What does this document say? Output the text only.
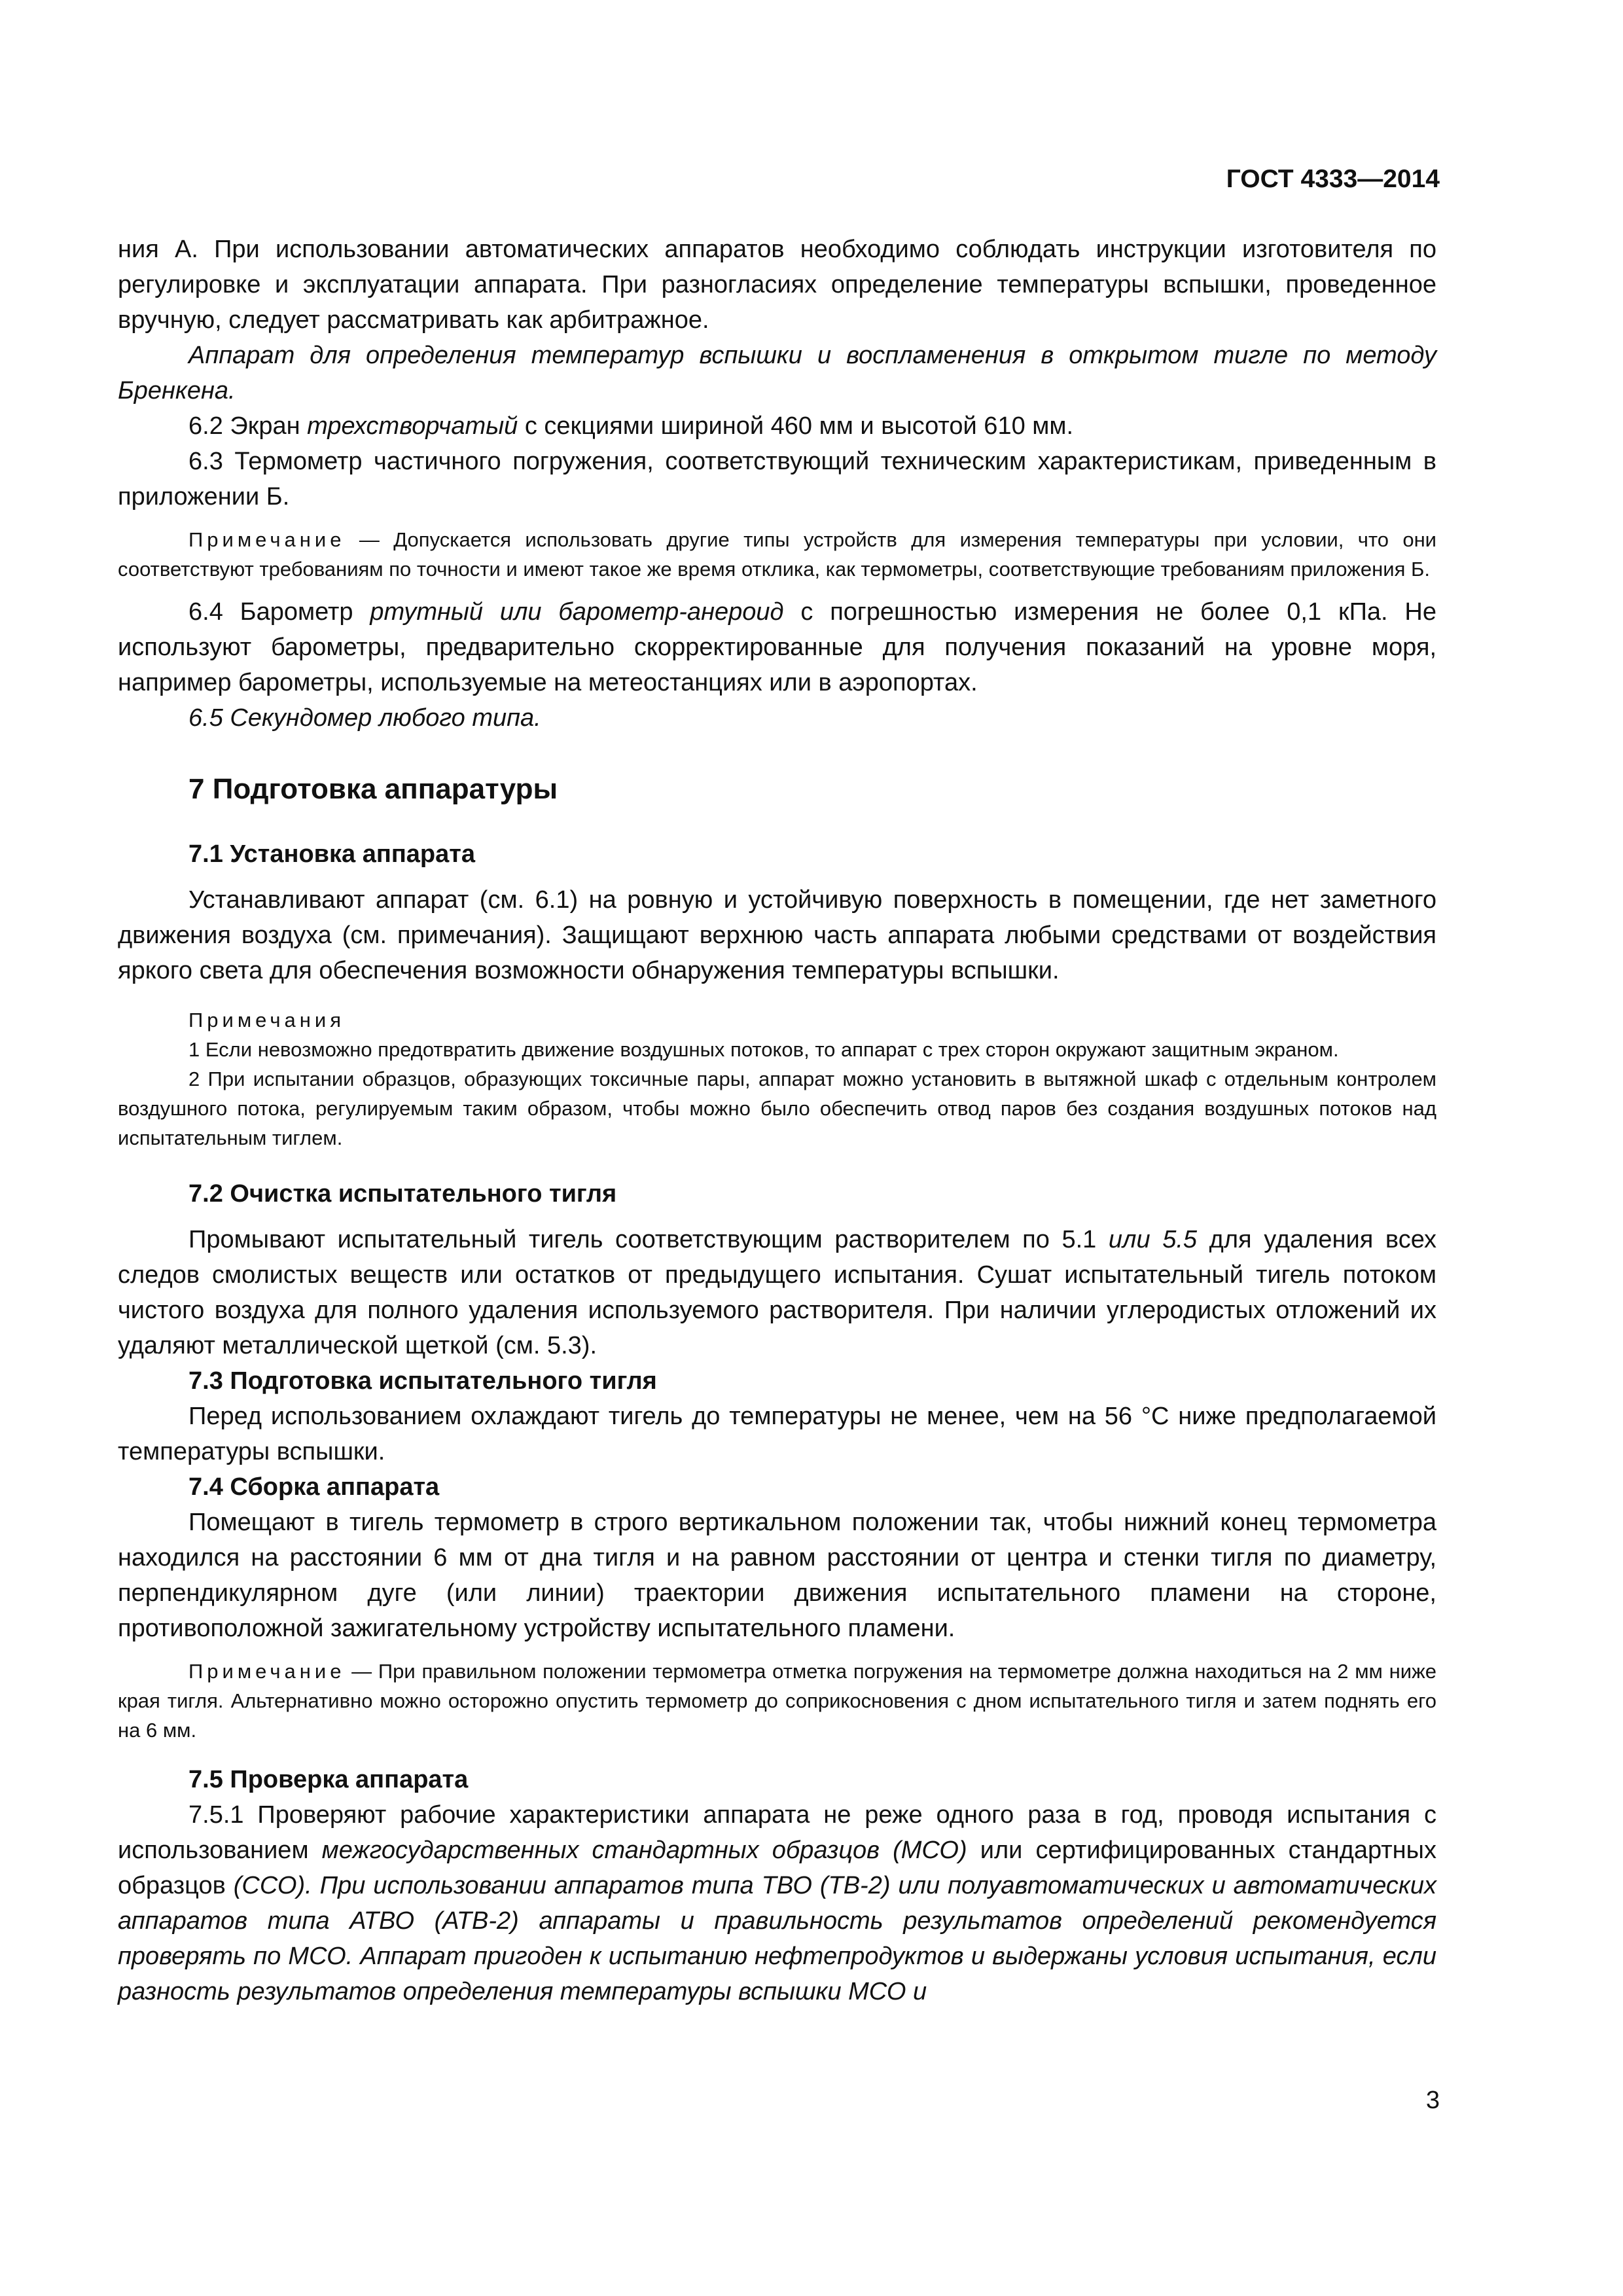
ГОСТ 4333—2014

ния А. При использовании автоматических аппаратов необходимо соблюдать инструкции изготовителя по регулировке и эксплуатации аппарата. При разногласиях определение температуры вспышки, проведенное вручную, следует рассматривать как арбитражное.

Аппарат для определения температур вспышки и воспламенения в открытом тигле по методу Бренкена.

6.2 Экран трехстворчатый с секциями шириной 460 мм и высотой 610 мм.

6.3 Термометр частичного погружения, соответствующий техническим характеристикам, приведенным в приложении Б.

Примечание — Допускается использовать другие типы устройств для измерения температуры при условии, что они соответствуют требованиям по точности и имеют такое же время отклика, как термометры, соответствующие требованиям приложения Б.

6.4 Барометр ртутный или барометр-анероид с погрешностью измерения не более 0,1 кПа. Не используют барометры, предварительно скорректированные для получения показаний на уровне моря, например барометры, используемые на метеостанциях или в аэропортах.

6.5 Секундомер любого типа.

7 Подготовка аппаратуры

7.1 Установка аппарата

Устанавливают аппарат (см. 6.1) на ровную и устойчивую поверхность в помещении, где нет заметного движения воздуха (см. примечания). Защищают верхнюю часть аппарата любыми средствами от воздействия яркого света для обеспечения возможности обнаружения температуры вспышки.

Примечания

1 Если невозможно предотвратить движение воздушных потоков, то аппарат с трех сторон окружают защитным экраном.

2 При испытании образцов, образующих токсичные пары, аппарат можно установить в вытяжной шкаф с отдельным контролем воздушного потока, регулируемым таким образом, чтобы можно было обеспечить отвод паров без создания воздушных потоков над испытательным тиглем.

7.2 Очистка испытательного тигля

Промывают испытательный тигель соответствующим растворителем по 5.1 или 5.5 для удаления всех следов смолистых веществ или остатков от предыдущего испытания. Сушат испытательный тигель потоком чистого воздуха для полного удаления используемого растворителя. При наличии углеродистых отложений их удаляют металлической щеткой (см. 5.3).

7.3 Подготовка испытательного тигля

Перед использованием охлаждают тигель до температуры не менее, чем на 56 °С ниже предполагаемой температуры вспышки.

7.4 Сборка аппарата

Помещают в тигель термометр в строго вертикальном положении так, чтобы нижний конец термометра находился на расстоянии 6 мм от дна тигля и на равном расстоянии от центра и стенки тигля по диаметру, перпендикулярном дуге (или линии) траектории движения испытательного пламени на стороне, противоположной зажигательному устройству испытательного пламени.

Примечание — При правильном положении термометра отметка погружения на термометре должна находиться на 2 мм ниже края тигля. Альтернативно можно осторожно опустить термометр до соприкосновения с дном испытательного тигля и затем поднять его на 6 мм.

7.5 Проверка аппарата

7.5.1 Проверяют рабочие характеристики аппарата не реже одного раза в год, проводя испытания с использованием межгосударственных стандартных образцов (МСО) или сертифицированных стандартных образцов (ССО). При использовании аппаратов типа ТВО (ТВ-2) или полуавтоматических и автоматических аппаратов типа АТВО (АТВ-2) аппараты и правильность результатов определений рекомендуется проверять по МСО. Аппарат пригоден к испытанию нефтепродуктов и выдержаны условия испытания, если разность результатов определения температуры вспышки МСО и

3
